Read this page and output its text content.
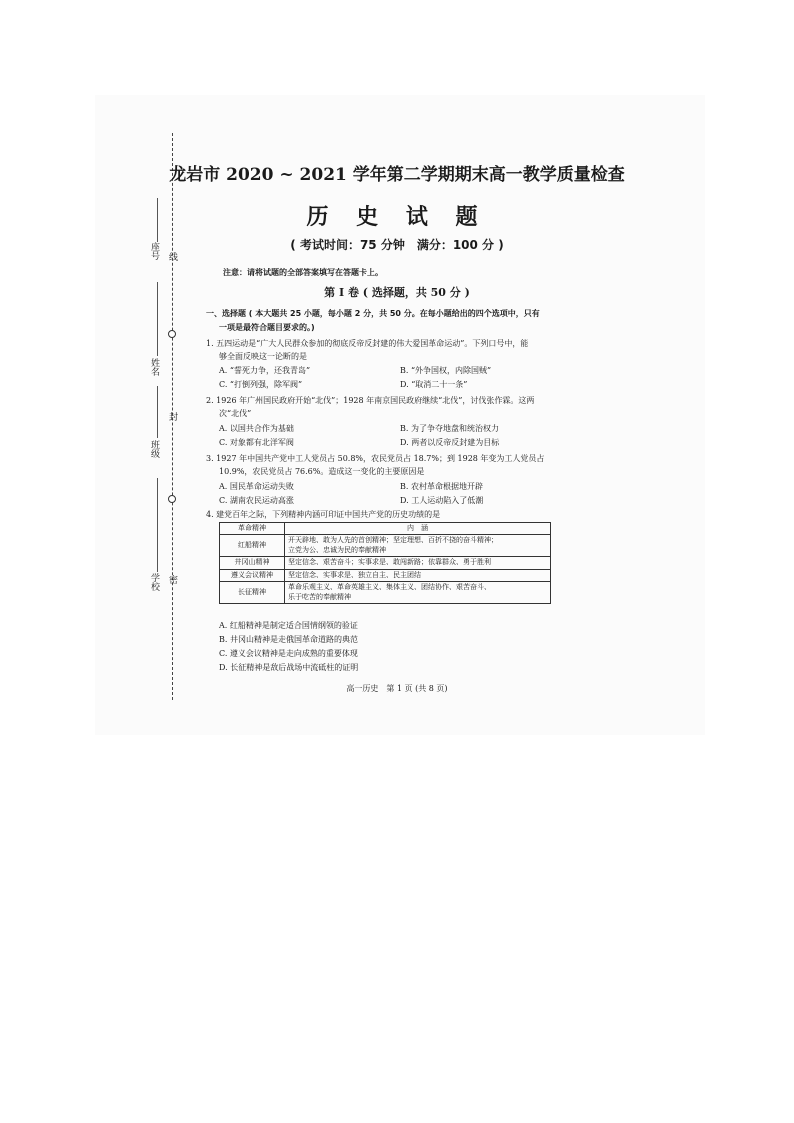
座号 线
姓名
封
班级
学校 密
龙岩市 2020 ~ 2021 学年第二学期期末高一教学质量检查
历 史 试 题
( 考试时间：75 分钟　满分：100 分 )
注意：请将试题的全部答案填写在答题卡上。
第 I 卷 ( 选择题，共 50 分 )
一、选择题 ( 本大题共 25 小题，每小题 2 分，共 50 分。在每小题给出的四个选项中，只有
一项是最符合题目要求的。)
1. 五四运动是“广大人民群众参加的彻底反帝反封建的伟大爱国革命运动”。下列口号中，能
够全面反映这一论断的是
A. “誓死力争，还我青岛”	B. “外争国权，内除国贼”
C. “打倒列强，除军阀”	D. “取消二十一条”
2. 1926 年广州国民政府开始“北伐”；1928 年南京国民政府继续“北伐”，讨伐张作霖。这两
次“北伐”
A. 以国共合作为基础	B. 为了争夺地盘和统治权力
C. 对象都有北洋军阀	D. 两者以反帝反封建为目标
3. 1927 年中国共产党中工人党员占 50.8%，农民党员占 18.7%；到 1928 年变为工人党员占
10.9%，农民党员占 76.6%。造成这一变化的主要原因是
A. 国民革命运动失败	B. 农村革命根据地开辟
C. 湖南农民运动高涨	D. 工人运动陷入了低潮
4. 建党百年之际，下列精神内涵可印证中国共产党的历史功绩的是
革命精神	内　涵
红船精神	开天辟地、敢为人先的首创精神；坚定理想、百折不挠的奋斗精神；
立党为公、忠诚为民的奉献精神

井冈山精神	坚定信念、艰苦奋斗；实事求是、敢闯新路；依靠群众、勇于胜利

遵义会议精神	坚定信念、实事求是、独立自主、民主团结

长征精神	革命乐观主义、革命英雄主义、集体主义、团结协作、艰苦奋斗、
乐于吃苦的奉献精神
A. 红船精神是制定适合国情纲领的验证
B. 井冈山精神是走俄国革命道路的典范
C. 遵义会议精神是走向成熟的重要体现
D. 长征精神是敌后战场中流砥柱的证明
高一历史　第 1 页 (共 8 页)
